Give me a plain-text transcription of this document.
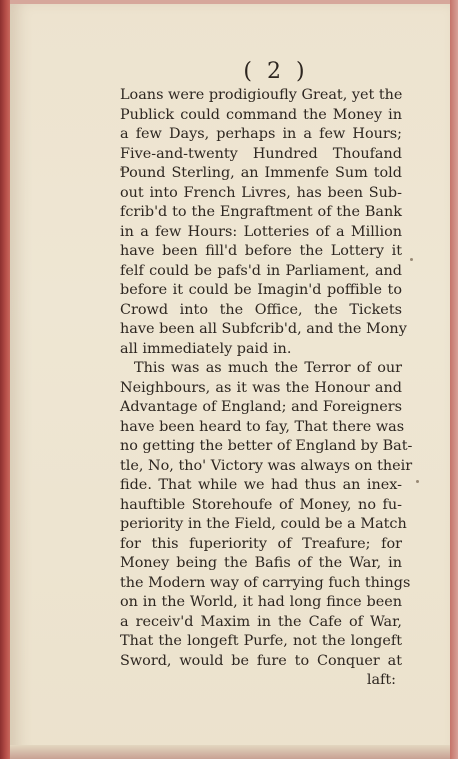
( 2 )
Loans were prodigioufly Great, yet the
Publick could command the Money in
a few Days, perhaps in a few Hours;
Five-and-twenty Hundred Thoufand
Pound Sterling, an Immenfe Sum told
out into French Livres, has been Sub-
fcrib'd to the Engraftment of the Bank
in a few Hours: Lotteries of a Million
have been fill'd before the Lottery it
felf could be pafs'd in Parliament, and
before it could be Imagin'd poffible to
Crowd into the Office, the Tickets
have been all Subfcrib'd, and the Mony
all immediately paid in.
This was as much the Terror of our
Neighbours, as it was the Honour and
Advantage of England; and Foreigners
have been heard to fay, That there was
no getting the better of England by Bat-
tle, No, tho' Victory was always on their
fide. That while we had thus an inex-
hauftible Storehoufe of Money, no fu-
periority in the Field, could be a Match
for this fuperiority of Treafure; for
Money being the Bafis of the War, in
the Modern way of carrying fuch things
on in the World, it had long fince been
a receiv'd Maxim in the Cafe of War,
That the longeft Purfe, not the longeft
Sword, would be fure to Conquer at
laft:
